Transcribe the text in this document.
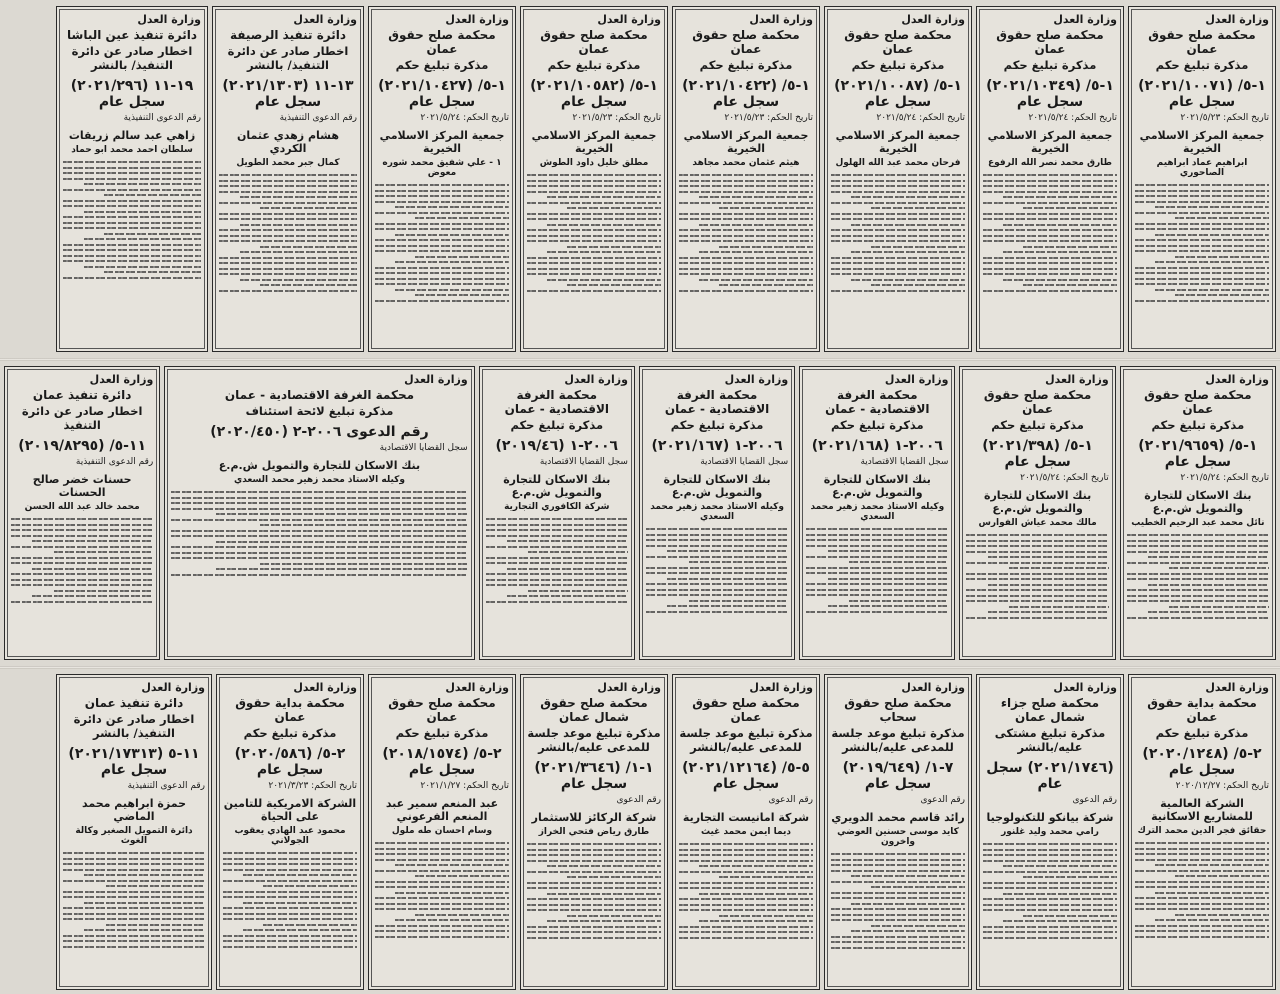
وزارة العدل
محكمة صلح حقوق عمان
مذكرة تبليغ حكم
١-٥/ (٢٠٢١/١٠٠٧١) سجل عام
تاريخ الحكم: ٢٠٢١/٥/٢٣
جمعية المركز الاسلامي الخيرية
ابراهيم عماد ابراهيم الصاحوري
وزارة العدل
محكمة صلح حقوق عمان
مذكرة تبليغ حكم
١-٥/ (٢٠٢١/١٠٣٤٩) سجل عام
تاريخ الحكم: ٢٠٢١/٥/٢٤
جمعية المركز الاسلامي الخيرية
طارق محمد نصر الله الرفوع
وزارة العدل
محكمة صلح حقوق عمان
مذكرة تبليغ حكم
١-٥/ (٢٠٢١/١٠٠٨٧) سجل عام
تاريخ الحكم: ٢٠٢١/٥/٢٤
جمعية المركز الاسلامي الخيرية
فرحان محمد عبد الله الهلول
وزارة العدل
محكمة صلح حقوق عمان
مذكرة تبليغ حكم
١-٥/ (٢٠٢١/١٠٤٢٢) سجل عام
تاريخ الحكم: ٢٠٢١/٥/٢٣
جمعية المركز الاسلامي الخيرية
هيثم عثمان محمد مجاهد
وزارة العدل
محكمة صلح حقوق عمان
مذكرة تبليغ حكم
١-٥/ (٢٠٢١/١٠٥٨٢) سجل عام
تاريخ الحكم: ٢٠٢١/٥/٢٣
جمعية المركز الاسلامي الخيرية
مطلق خليل داود الطوش
وزارة العدل
محكمة صلح حقوق عمان
مذكرة تبليغ حكم
١-٥/ (٢٠٢١/١٠٤٢٧) سجل عام
تاريخ الحكم: ٢٠٢١/٥/٢٤
جمعية المركز الاسلامي الخيرية
١ - علي شفيق محمد شوره معوض
وزارة العدل
دائرة تنفيذ الرصيفة
اخطار صادر عن دائرة التنفيذ/ بالنشر
١٣-١١ (٢٠٢١/١٣٠٣) سجل عام
رقم الدعوى التنفيذية
هشام زهدي عثمان الكردي
كمال جبر محمد الطويل
وزارة العدل
دائرة تنفيذ عين الباشا
اخطار صادر عن دائرة التنفيذ/ بالنشر
١٩-١١ (٢٠٢١/٢٩٦) سجل عام
رقم الدعوى التنفيذية
زاهي عبد سالم زريقات
سلطان احمد محمد ابو حماد
وزارة العدل
محكمة صلح حقوق عمان
مذكرة تبليغ حكم
١-٥/ (٢٠٢١/٩٦٥٩) سجل عام
تاريخ الحكم: ٢٠٢١/٥/٢٤
بنك الاسكان للتجارة والتمويل ش.م.ع
نائل محمد عبد الرحيم الخطيب
وزارة العدل
محكمة صلح حقوق عمان
مذكرة تبليغ حكم
١-٥/ (٢٠٢١/٣٩٨) سجل عام
تاريخ الحكم: ٢٠٢١/٥/٢٤
بنك الاسكان للتجارة والتمويل ش.م.ع
مالك محمد عياش الفوارس
وزارة العدل
محكمة الغرفة الاقتصادية - عمان
مذكرة تبليغ حكم
٢٠٠٦-١ (٢٠٢١/١٦٨)
سجل القضايا الاقتصادية
بنك الاسكان للتجارة والتمويل ش.م.ع
وكيله الاستاذ محمد زهير محمد السعدي
وزارة العدل
محكمة الغرفة الاقتصادية - عمان
مذكرة تبليغ حكم
٢٠٠٦-١ (٢٠٢١/١٦٧)
سجل القضايا الاقتصادية
بنك الاسكان للتجارة والتمويل ش.م.ع
وكيله الاستاذ محمد زهير محمد السعدي
وزارة العدل
محكمة الغرفة الاقتصادية - عمان
مذكرة تبليغ حكم
٢٠٠٦-١ (٢٠١٩/٤٦)
سجل القضايا الاقتصادية
بنك الاسكان للتجارة والتمويل ش.م.ع
شركة الكافوري التجارية
وزارة العدل
محكمة الغرفة الاقتصادية - عمان
مذكرة تبليغ لائحة استئناف
رقم الدعوى ٢٠٠٦-٢ (٢٠٢٠/٤٥٠)
سجل القضايا الاقتصادية
بنك الاسكان للتجارة والتمويل ش.م.ع
وكيله الاستاذ محمد زهير محمد السعدي
وزارة العدل
دائرة تنفيذ عمان
اخطار صادر عن دائرة التنفيذ
١١-٥/ (٢٠١٩/٨٢٩٥)
رقم الدعوى التنفيذية
حسنات خضر صالح الحسنات
محمد خالد عبد الله الحسن
وزارة العدل
محكمة بداية حقوق عمان
مذكرة تبليغ حكم
٢-٥/ (٢٠٢٠/١٢٤٨) سجل عام
تاريخ الحكم: ٢٠٢٠/١٢/٢٧
الشركة العالمية للمشاريع الاسكانية
حقائق فجر الدين محمد الترك
وزارة العدل
محكمة صلح جزاء شمال عمان
مذكرة تبليغ مشتكى عليه/بالنشر
(٢٠٢١/١٧٤٦) سجل عام
رقم الدعوى
شركة بيانكو للتكنولوجيا
رامي محمد وليد غلنور
وزارة العدل
محكمة صلح حقوق سحاب
مذكرة تبليغ موعد جلسة للمدعى عليه/بالنشر
٧-١/ (٢٠١٩/٦٤٩) سجل عام
رقم الدعوى
رائد قاسم محمد الدويري
كايد موسى حسنين العوضي واخرون
وزارة العدل
محكمة صلح حقوق عمان
مذكرة تبليغ موعد جلسة للمدعى عليه/بالنشر
٥-٥/ (٢٠٢١/١٢١٦٤) سجل عام
رقم الدعوى
شركة امانيست التجارية
ديما ايمن محمد غيث
وزارة العدل
محكمة صلح حقوق شمال عمان
مذكرة تبليغ موعد جلسة للمدعى عليه/بالنشر
١-١/ (٢٠٢١/٣٦٤٦) سجل عام
رقم الدعوى
شركة الركائز للاستثمار
طارق رياض فتحي الخراز
وزارة العدل
محكمة صلح حقوق عمان
مذكرة تبليغ حكم
٢-٥/ (٢٠١٨/١٥٧٤) سجل عام
تاريخ الحكم: ٢٠٢١/١/٢٧
عبد المنعم سمير عبد المنعم الفرعوني
وسام احسان طه ملول
وزارة العدل
محكمة بداية حقوق عمان
مذكرة تبليغ حكم
٢-٥/ (٢٠٢٠/٥٨٦) سجل عام
تاريخ الحكم: ٢٠٢١/٣/٢٣
الشركة الامريكية للتامين على الحياة
محمود عبد الهادي يعقوب الجولاني
وزارة العدل
دائرة تنفيذ عمان
اخطار صادر عن دائرة التنفيذ/ بالنشر
١١-٥ (٢٠٢١/١٧٣١٣) سجل عام
رقم الدعوى التنفيذية
حمزة ابراهيم محمد الماضي
دائرة التمويل الصغير وكالة الغوث
